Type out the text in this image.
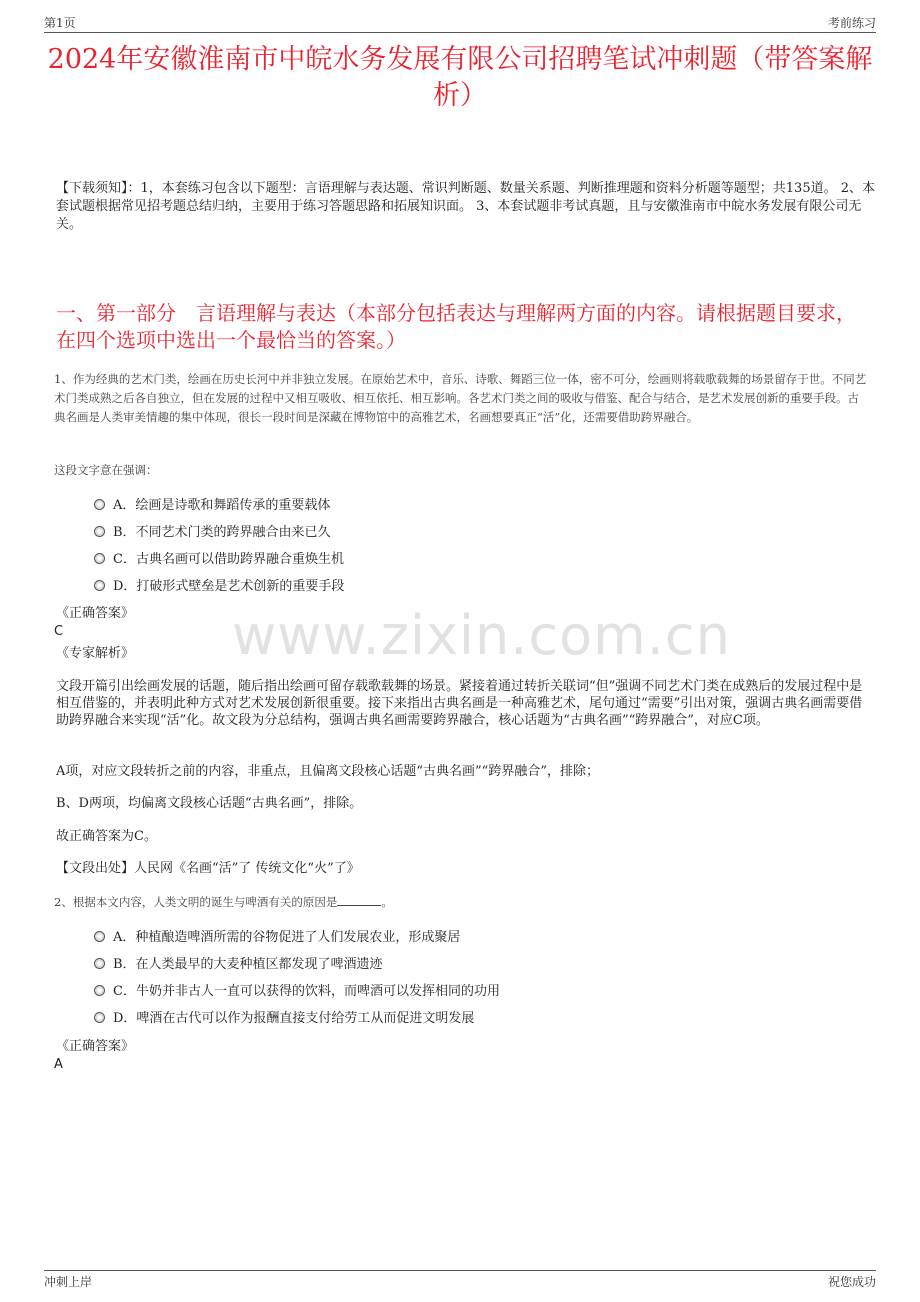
第1页	考前练习
2024年安徽淮南市中皖水务发展有限公司招聘笔试冲刺题（带答案解析）
【下载须知】：1，本套练习包含以下题型：言语理解与表达题、常识判断题、数量关系题、判断推理题和资料分析题等题型；共135道。 2、本套试题根据常见招考题总结归纳，主要用于练习答题思路和拓展知识面。 3、本套试题非考试真题，且与安徽淮南市中皖水务发展有限公司无关。
一、第一部分　言语理解与表达（本部分包括表达与理解两方面的内容。请根据题目要求，在四个选项中选出一个最恰当的答案。）
1、作为经典的艺术门类，绘画在历史长河中并非独立发展。在原始艺术中，音乐、诗歌、舞蹈三位一体，密不可分，绘画则将载歌载舞的场景留存于世。不同艺术门类成熟之后各自独立，但在发展的过程中又相互吸收、相互依托、相互影响。各艺术门类之间的吸收与借鉴、配合与结合，是艺术发展创新的重要手段。古典名画是人类审美情趣的集中体现，很长一段时间是深藏在博物馆中的高雅艺术，名画想要真正“活”化，还需要借助跨界融合。
这段文字意在强调：
A．绘画是诗歌和舞蹈传承的重要载体
B．不同艺术门类的跨界融合由来已久
C．古典名画可以借助跨界融合重焕生机
D．打破形式壁垒是艺术创新的重要手段
www.zixin.com.cn
《正确答案》
C
《专家解析》
文段开篇引出绘画发展的话题，随后指出绘画可留存载歌载舞的场景。紧接着通过转折关联词“但”强调不同艺术门类在成熟后的发展过程中是相互借鉴的，并表明此种方式对艺术发展创新很重要。接下来指出古典名画是一种高雅艺术，尾句通过“需要”引出对策，强调古典名画需要借助跨界融合来实现“活”化。故文段为分总结构，强调古典名画需要跨界融合，核心话题为“古典名画”“跨界融合”，对应C项。
A项，对应文段转折之前的内容，非重点，且偏离文段核心话题“古典名画”“跨界融合”，排除；
B、D两项，均偏离文段核心话题“古典名画”，排除。
故正确答案为C。
【文段出处】人民网《名画“活”了 传统文化“火”了》
2、根据本文内容，人类文明的诞生与啤酒有关的原因是	。
A．种植酿造啤酒所需的谷物促进了人们发展农业，形成聚居
B．在人类最早的大麦种植区都发现了啤酒遗迹
C．牛奶并非古人一直可以获得的饮料，而啤酒可以发挥相同的功用
D．啤酒在古代可以作为报酬直接支付给劳工从而促进文明发展
《正确答案》
A
冲刺上岸	祝您成功
